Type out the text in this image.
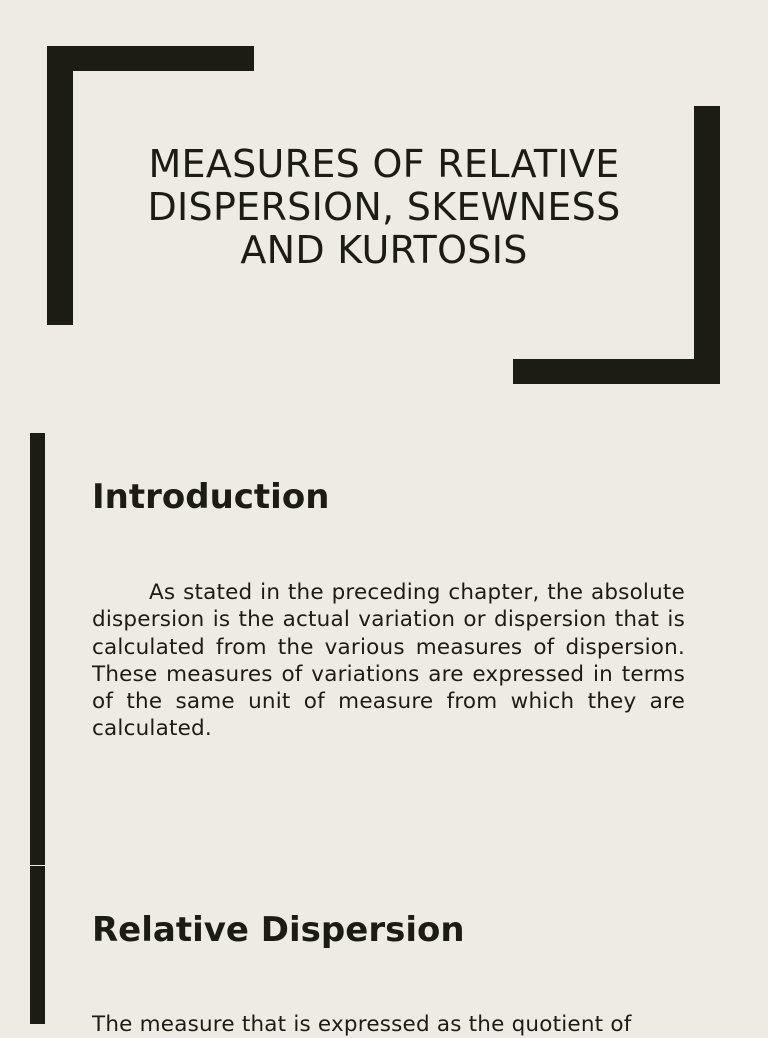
MEASURES OF RELATIVE DISPERSION, SKEWNESS AND KURTOSIS
Introduction

As stated in the preceding chapter, the absolute dispersion is the actual variation or dispersion that is calculated from the various measures of dispersion. These measures of variations are expressed in terms of the same unit of measure from which they are calculated.

Relative Dispersion

The measure that is expressed as the quotient of
